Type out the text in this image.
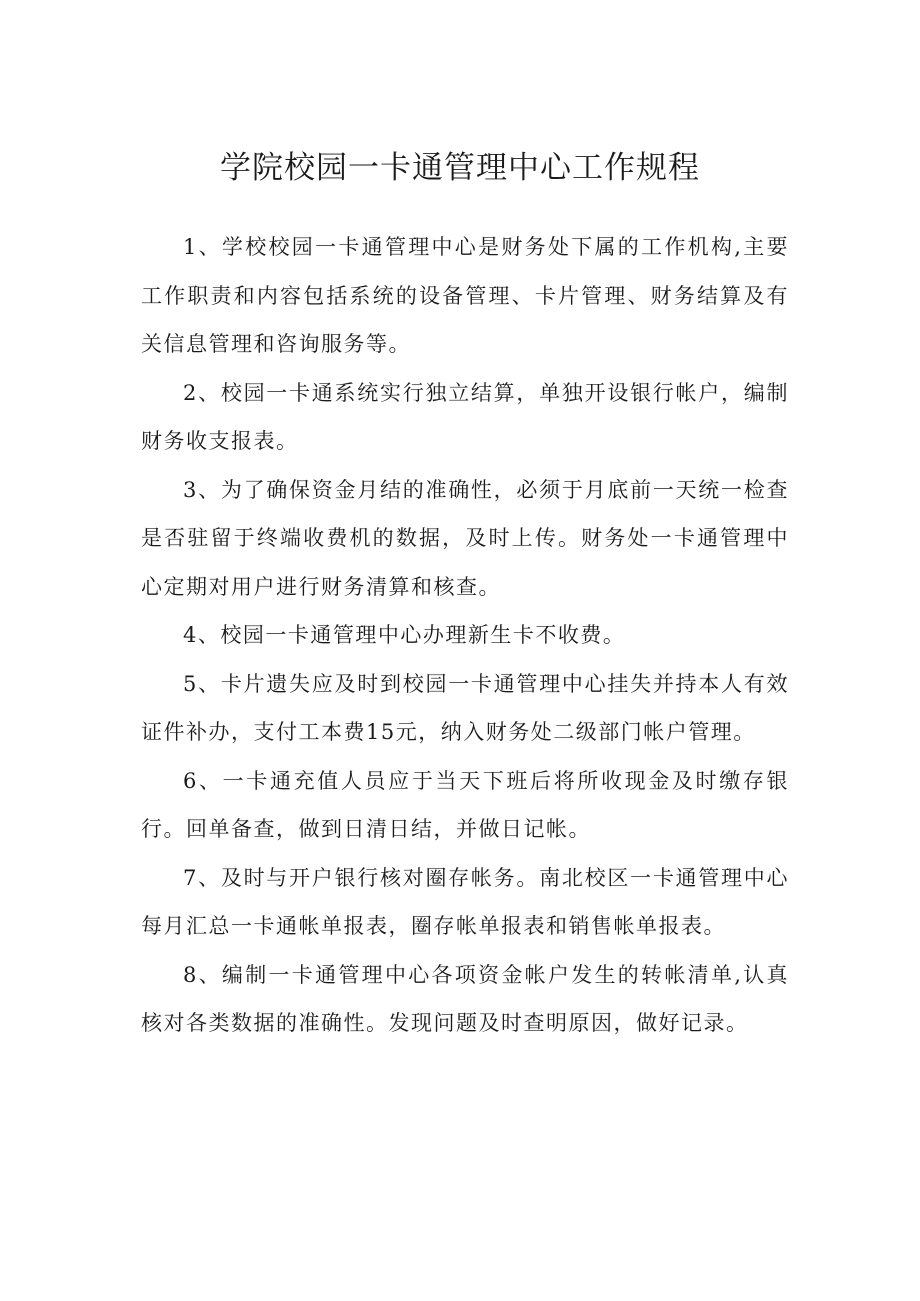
学院校园一卡通管理中心工作规程

1、学校校园一卡通管理中心是财务处下属的工作机构,主要工作职责和内容包括系统的设备管理、卡片管理、财务结算及有关信息管理和咨询服务等。

2、校园一卡通系统实行独立结算，单独开设银行帐户，编制财务收支报表。

3、为了确保资金月结的准确性，必须于月底前一天统一检查是否驻留于终端收费机的数据，及时上传。财务处一卡通管理中心定期对用户进行财务清算和核查。

4、校园一卡通管理中心办理新生卡不收费。

5、卡片遗失应及时到校园一卡通管理中心挂失并持本人有效证件补办，支付工本费15元，纳入财务处二级部门帐户管理。

6、一卡通充值人员应于当天下班后将所收现金及时缴存银行。回单备查，做到日清日结，并做日记帐。

7、及时与开户银行核对圈存帐务。南北校区一卡通管理中心每月汇总一卡通帐单报表，圈存帐单报表和销售帐单报表。

8、编制一卡通管理中心各项资金帐户发生的转帐清单,认真核对各类数据的准确性。发现问题及时查明原因，做好记录。
